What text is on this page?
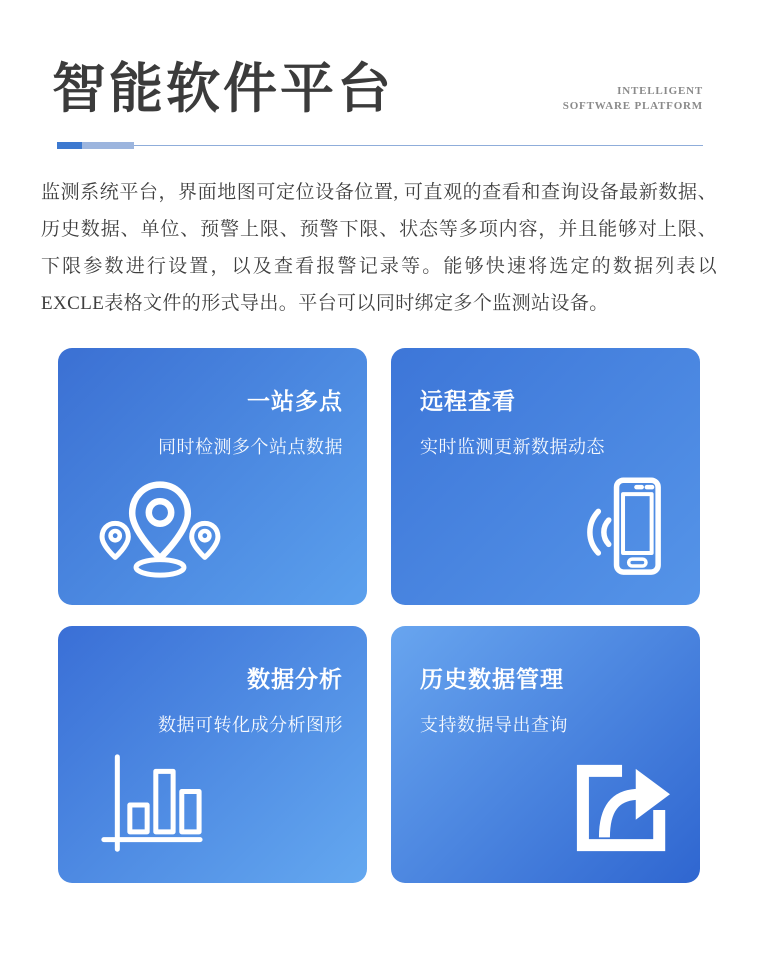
智能软件平台	INTELLIGENT
SOFTWARE PLATFORM

监测系统平台，界面地图可定位设备位置, 可直观的查看和查询设备最新数据、历史数据、单位、预警上限、预警下限、状态等多项内容，并且能够对上限、下限参数进行设置，以及查看报警记录等。能够快速将选定的数据列表以EXCLE表格文件的形式导出。平台可以同时绑定多个监测站设备。

一站多点

同时检测多个站点数据

远程查看

实时监测更新数据动态

数据分析

数据可转化成分析图形

历史数据管理

支持数据导出查询
